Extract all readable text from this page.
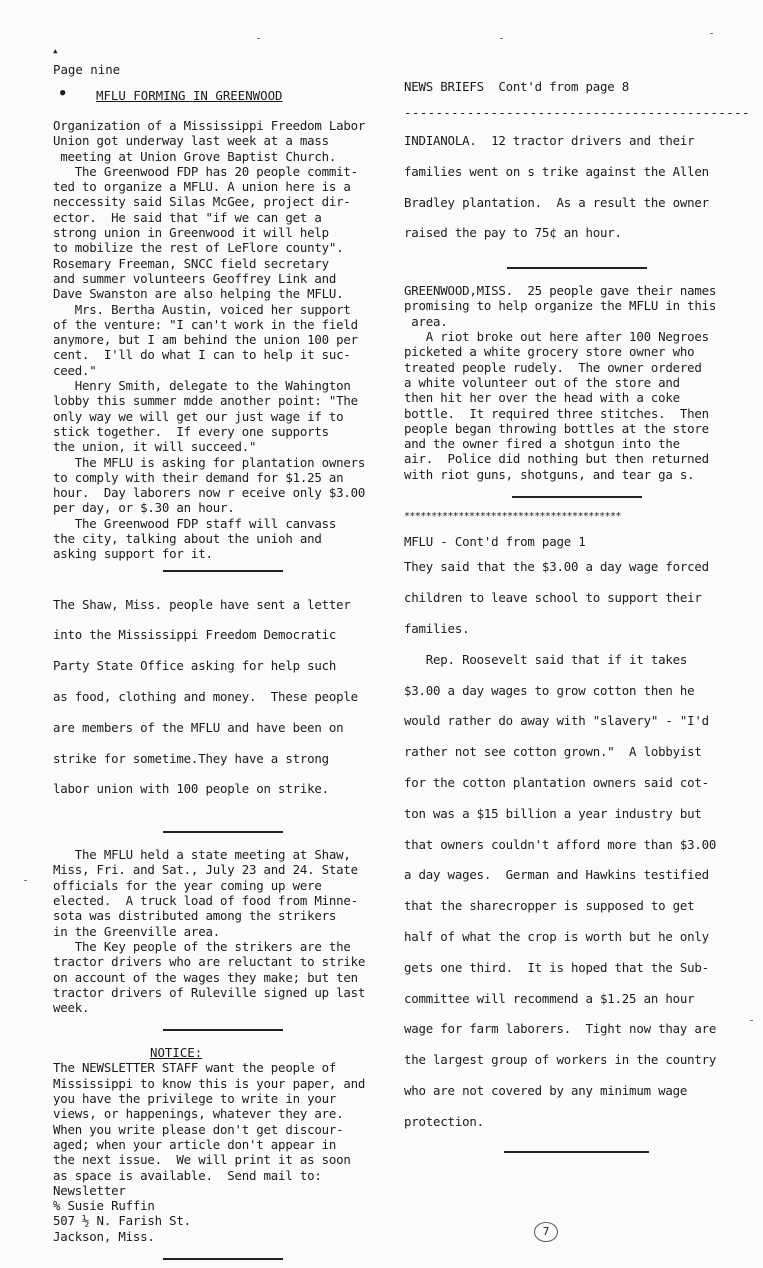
▴
●
Page nine
MFLU FORMING IN GREENWOOD
Organization of a Mississippi Freedom Labor
Union got underway last week at a mass
meeting at Union Grove Baptist Church.
The Greenwood FDP has 20 people commit-
ted to organize a MFLU. A union here is a
neccessity said Silas McGee, project dir-
ector.  He said that "if we can get a
strong union in Greenwood it will help
to mobilize the rest of LeFlore county".
Rosemary Freeman, SNCC field secretary
and summer volunteers Geoffrey Link and
Dave Swanston are also helping the MFLU.
Mrs. Bertha Austin, voiced her support
of the venture: "I can't work in the field
anymore, but I am behind the union 100 per
cent.  I'll do what I can to help it suc-
ceed."
Henry Smith, delegate to the Wahington
lobby this summer mdde another point: "The
only way we will get our just wage if to
stick together.  If every one supports
the union, it will succeed."
The MFLU is asking for plantation owners
to comply with their demand for $1.25 an
hour.  Day laborers now r eceive only $3.00
per day, or $.30 an hour.
The Greenwood FDP staff will canvass
the city, talking about the unioh and
asking support for it.
The Shaw, Miss. people have sent a letter
into the Mississippi Freedom Democratic
Party State Office asking for help such
as food, clothing and money.  These people
are members of the MFLU and have been on
strike for sometime.They have a strong
labor union with 100 people on strike.
The MFLU held a state meeting at Shaw,
Miss, Fri. and Sat., July 23 and 24. State
officials for the year coming up were
elected.  A truck load of food from Minne-
sota was distributed among the strikers
in the Greenville area.
The Key people of the strikers are the
tractor drivers who are reluctant to strike
on account of the wages they make; but ten
tractor drivers of Ruleville signed up last
week.
NOTICE:
The NEWSLETTER STAFF want the people of
Mississippi to know this is your paper, and
you have the privilege to write in your
views, or happenings, whatever they are.
When you write please don't get discour-
aged; when your article don't appear in
the next issue.  We will print it as soon
as space is available.  Send mail to:
Newsletter
% Susie Ruffin
507 ½ N. Farish St.
Jackson, Miss.
NEWS BRIEFS  Cont'd from page 8
--------------------------------------------
INDIANOLA.  12 tractor drivers and their
families went on s trike against the Allen
Bradley plantation.  As a result the owner
raised the pay to 75¢ an hour.
GREENWOOD,MISS.  25 people gave their names
promising to help organize the MFLU in this
area.
A riot broke out here after 100 Negroes
picketed a white grocery store owner who
treated people rudely.  The owner ordered
a white volunteer out of the store and
then hit her over the head with a coke
bottle.  It required three stitches.  Then
people began throwing bottles at the store
and the owner fired a shotgun into the
air.  Police did nothing but then returned
with riot guns, shotguns, and tear ga s.
****************************************
MFLU - Cont'd from page 1
They said that the $3.00 a day wage forced
children to leave school to support their
families.
Rep. Roosevelt said that if it takes
$3.00 a day wages to grow cotton then he
would rather do away with "slavery" - "I'd
rather not see cotton grown."  A lobbyist
for the cotton plantation owners said cot-
ton was a $15 billion a year industry but
that owners couldn't afford more than $3.00
a day wages.  German and Hawkins testified
that the sharecropper is supposed to get
half of what the crop is worth but he only
gets one third.  It is hoped that the Sub-
committee will recommend a $1.25 an hour
wage for farm laborers.  Tight now thay are
the largest group of workers in the country
who are not covered by any minimum wage
protection.
7
